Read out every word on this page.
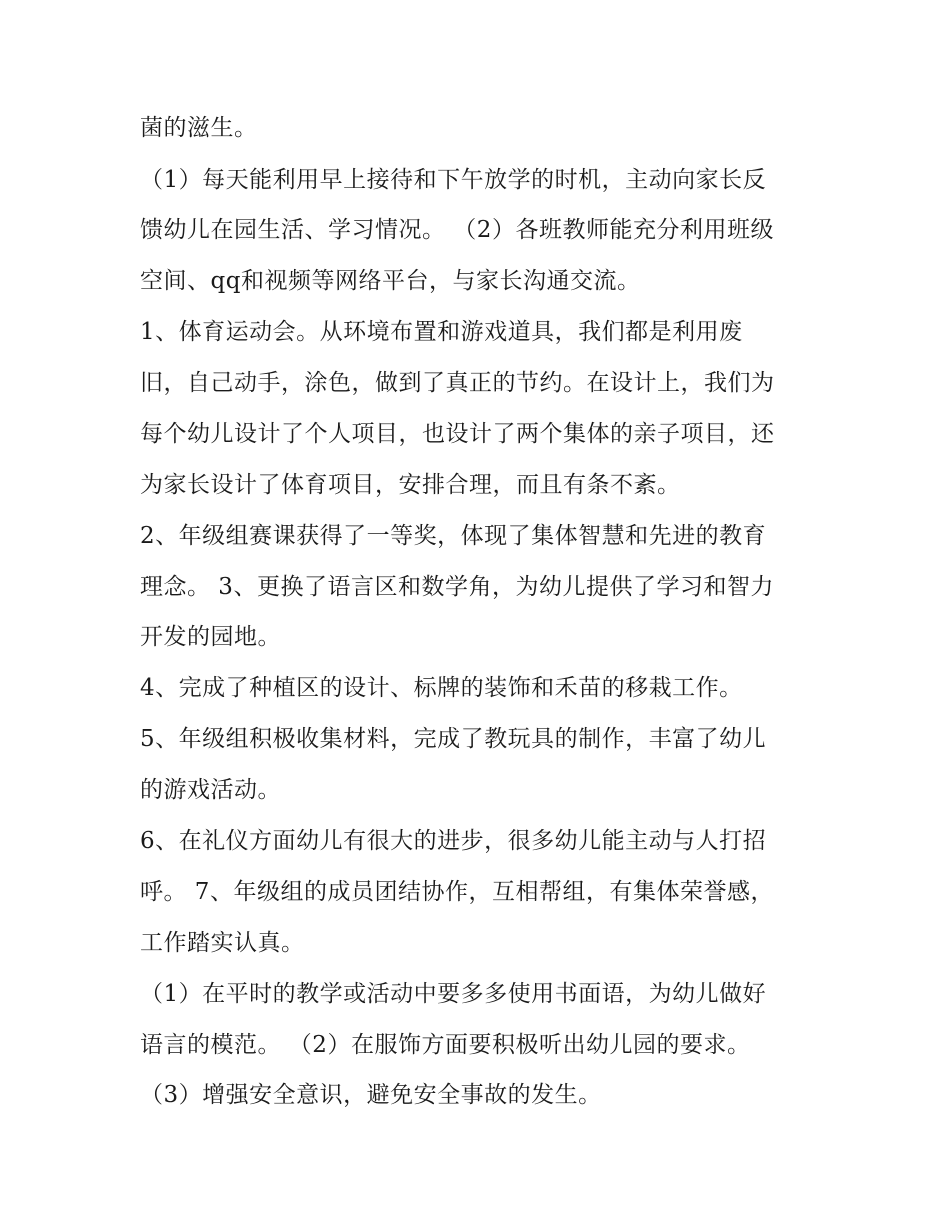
菌的滋生。
（1）每天能利用早上接待和下午放学的时机，主动向家长反
馈幼儿在园生活、学习情况。 （2）各班教师能充分利用班级
空间、qq和视频等网络平台，与家长沟通交流。
1、体育运动会。从环境布置和游戏道具，我们都是利用废
旧，自己动手，涂色，做到了真正的节约。在设计上，我们为
每个幼儿设计了个人项目，也设计了两个集体的亲子项目，还
为家长设计了体育项目，安排合理，而且有条不紊。
2、年级组赛课获得了一等奖，体现了集体智慧和先进的教育
理念。 3、更换了语言区和数学角，为幼儿提供了学习和智力
开发的园地。
4、完成了种植区的设计、标牌的装饰和禾苗的移栽工作。
5、年级组积极收集材料，完成了教玩具的制作，丰富了幼儿
的游戏活动。
6、在礼仪方面幼儿有很大的进步，很多幼儿能主动与人打招
呼。 7、年级组的成员团结协作，互相帮组，有集体荣誉感，
工作踏实认真。
（1）在平时的教学或活动中要多多使用书面语，为幼儿做好
语言的模范。 （2）在服饰方面要积极听出幼儿园的要求。
（3）增强安全意识，避免安全事故的发生。
